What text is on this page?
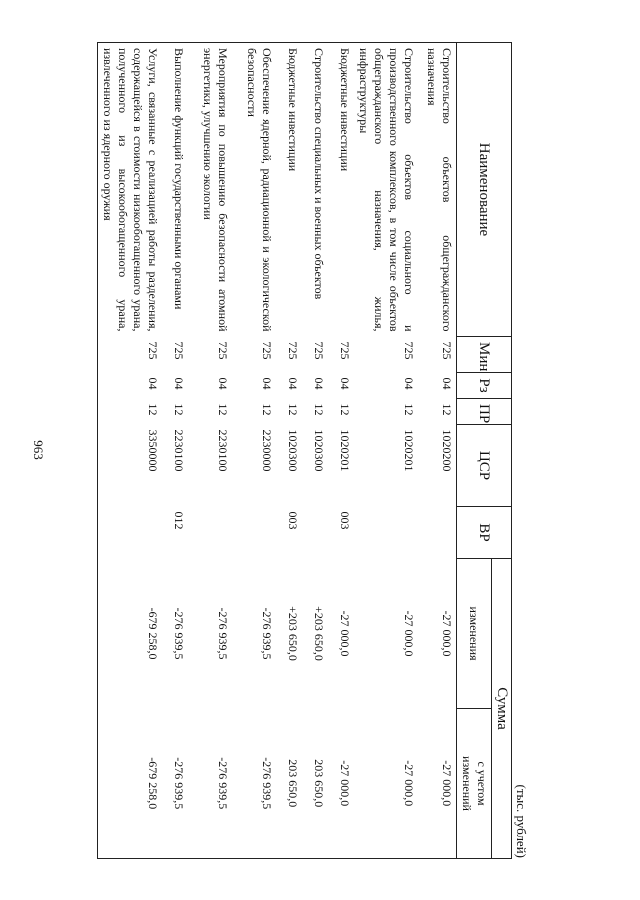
963
(тыс. рублей)
Наименование	Мин	Рз	ПР	ЦСР	ВР	Сумма	
						изменения	с учетом
изменений
Строительство объектов общегражданского назначения	725	04	12	1020200		-27 000,0	-27 000,0
Строительство объектов социального и производственного комплексов, в том числе объектов общегражданского назначения, жилья, инфраструктуры	725	04	12	1020201		-27 000,0	-27 000,0
Бюджетные инвестиции	725	04	12	1020201	003	-27 000,0	-27 000,0
Строительство специальных и военных объектов	725	04	12	1020300		+203 650,0	203 650,0
Бюджетные инвестиции	725	04	12	1020300	003	+203 650,0	203 650,0
Обеспечение ядерной, радиационной и экологической безопасности	725	04	12	2230000		-276 939,5	-276 939,5
Мероприятия по повышению безопасности атомной энергетики, улучшению экологии	725	04	12	2230100		-276 939,5	-276 939,5
Выполнение функций государственными органами	725	04	12	2230100	012	-276 939,5	-276 939,5
Услуги, связанные с реализацией работы разделения, содержащейся в стоимости низкообогащенного урана, полученного из высокообогащенного урана, извлеченного из ядерного оружия	725	04	12	3350000		-679 258,0	-679 258,0
